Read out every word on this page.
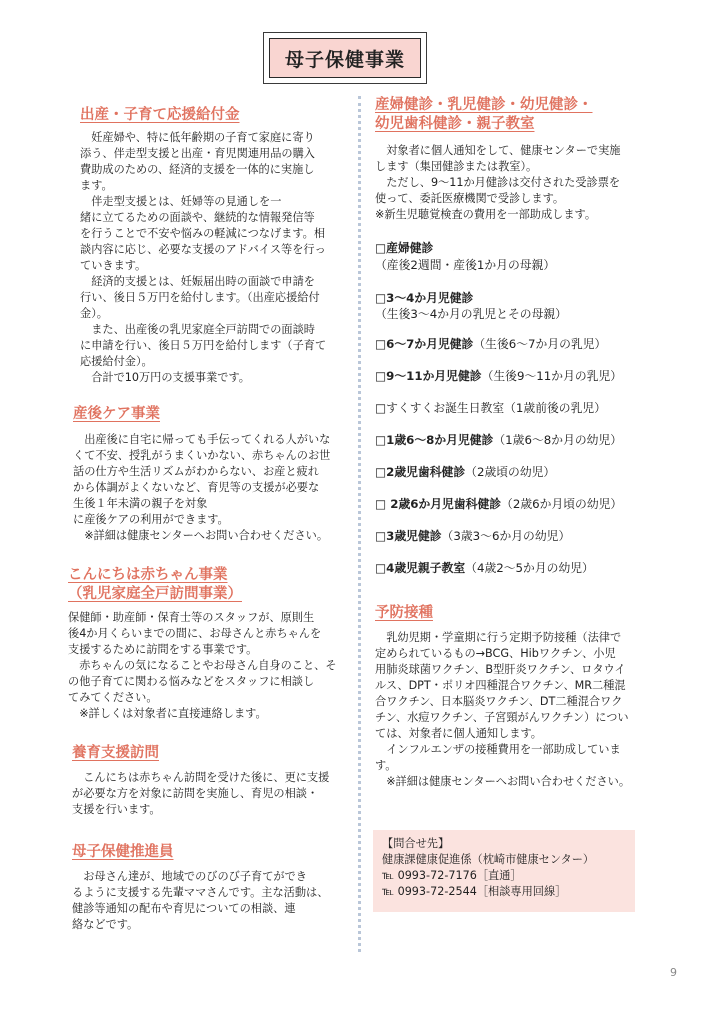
母子保健事業

出産・子育て応援給付金

　妊産婦や、特に低年齢期の子育て家庭に寄り
添う、伴走型支援と出産・育児関連用品の購入
費助成のための、経済的支援を一体的に実施し
ます。
　伴走型支援とは、妊婦等の見通しを一
緒に立てるための面談や、継続的な情報発信等
を行うことで不安や悩みの軽減につなげます。相
談内容に応じ、必要な支援のアドバイス等を行っ
ていきます。
　経済的支援とは、妊娠届出時の面談で申請を
行い、後日５万円を給付します。（出産応援給付
金）。
　また、出産後の乳児家庭全戸訪問での面談時
に申請を行い、後日５万円を給付します（子育て
応援給付金）。
　合計で10万円の支援事業です。

産後ケア事業

　出産後に自宅に帰っても手伝ってくれる人がいな
くて不安、授乳がうまくいかない、赤ちゃんのお世
話の仕方や生活リズムがわからない、お産と疲れ
から体調がよくないなど、育児等の支援が必要な
生後１年未満の親子を対象
に産後ケアの利用ができます。
　※詳細は健康センターへお問い合わせください。

こんにちは赤ちゃん事業

（乳児家庭全戸訪問事業）

保健師・助産師・保育士等のスタッフが、原則生
後4か月くらいまでの間に、お母さんと赤ちゃんを
支援するために訪問をする事業です。
　赤ちゃんの気になることやお母さん自身のこと、そ
の他子育てに関わる悩みなどをスタッフに相談し
てみてください。
　※詳しくは対象者に直接連絡します。

養育支援訪問

　こんにちは赤ちゃん訪問を受けた後に、更に支援
が必要な方を対象に訪問を実施し、育児の相談・
支援を行います。

母子保健推進員

　お母さん達が、地域でのびのび子育てができ
るように支援する先輩ママさんです。主な活動は、
健診等通知の配布や育児についての相談、連
絡などです。

産婦健診・乳児健診・幼児健診・

幼児歯科健診・親子教室

　対象者に個人通知をして、健康センターで実施
します（集団健診または教室）。
　ただし、9～11か月健診は交付された受診票を
使って、委託医療機関で受診します。
※新生児聴覚検査の費用を一部助成します。

□産婦健診
（産後2週間・産後1か月の母親）
□3～4か月児健診
（生後3～4か月の乳児とその母親）
□6～7か月児健診（生後6～7か月の乳児）
□9～11か月児健診（生後9～11か月の乳児）
□すくすくお誕生日教室（1歳前後の乳児）
□1歳6～8か月児健診（1歳6～8か月の幼児）
□2歳児歯科健診（2歳頃の幼児）
□ 2歳6か月児歯科健診（2歳6か月頃の幼児）
□3歳児健診（3歳3～6か月の幼児）
□4歳児親子教室（4歳2～5か月の幼児）

予防接種

　乳幼児期・学童期に行う定期予防接種（法律で
定められているもの→BCG、Hibワクチン、小児
用肺炎球菌ワクチン、B型肝炎ワクチン、ロタウイ
ルス、DPT・ポリオ四種混合ワクチン、MR二種混
合ワクチン、日本脳炎ワクチン、DT二種混合ワク
チン、水痘ワクチン、子宮頸がんワクチン）につい
ては、対象者に個人通知します。
　インフルエンザの接種費用を一部助成していま
す。
　※詳細は健康センターへお問い合わせください。

【問合せ先】
健康課健康促進係（枕崎市健康センター）
℡ 0993-72-7176［直通］
℡ 0993-72-2544［相談専用回線］
9
